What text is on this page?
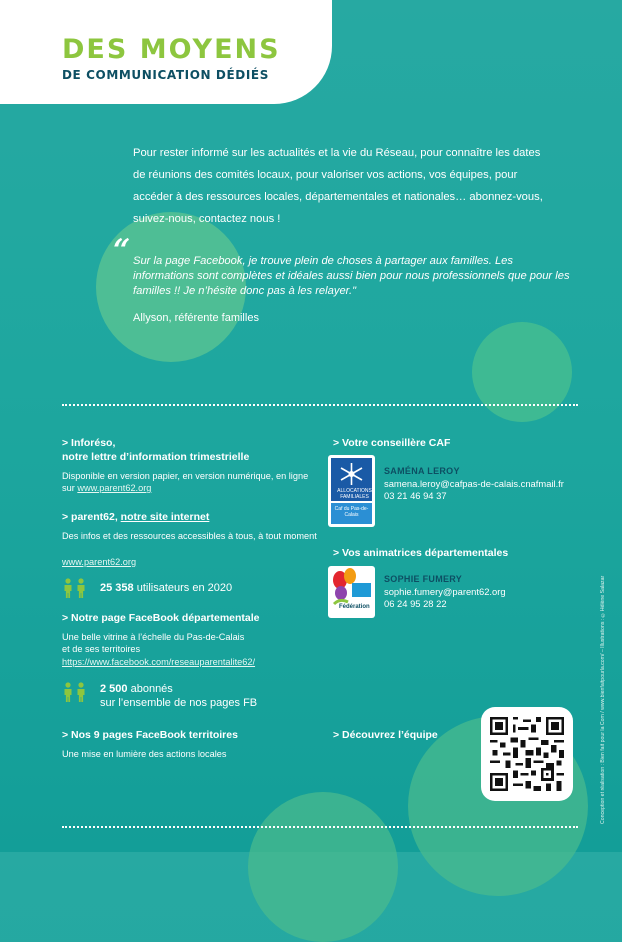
DES MOYENS
DE COMMUNICATION DÉDIÉS

Pour rester informé sur les actualités et la vie du Réseau, pour connaître les dates de réunions des comités locaux, pour valoriser vos actions, vos équipes, pour accéder à des ressources locales, départementales et nationales… abonnez-vous, suivez-nous, contactez nous !

“ Sur la page Facebook, je trouve plein de choses à partager aux familles. Les informations sont complètes et idéales aussi bien pour nous professionnels que pour les familles !! Je n’hésite donc pas à les relayer."

Allyson, référente familles

> Inforéso,
notre lettre d’information trimestrielle
Disponible en version papier, en version numérique, en ligne sur www.parent62.org
> parent62, notre site internet
Des infos et des ressources accessibles à tous, à tout moment
www.parent62.org
25 358 utilisateurs en 2020
> Notre page FaceBook départementale
Une belle vitrine à l’échelle du Pas-de-Calais
et de ses territoires
https://www.facebook.com/reseauparentalite62/
2 500 abonnés
sur l’ensemble de nos pages FB
> Nos 9 pages FaceBook territoires
Une mise en lumière des actions locales
> Votre conseillère CAF
ALLOCATIONS FAMILIALES
Caf du Pas-de-Calais
SAMÉNA LEROY
samena.leroy@cafpas-de-calais.cnafmail.fr
03 21 46 94 37
> Vos animatrices départementales
Fédération
SOPHIE FUMERY
sophie.fumery@parent62.org
06 24 95 28 22
> Découvrez l’équipe	Conception et réalisation : Bien fait pour la Com / www.bienfaitpourla.com/ – Illustrations : ©Hélène Salazar
